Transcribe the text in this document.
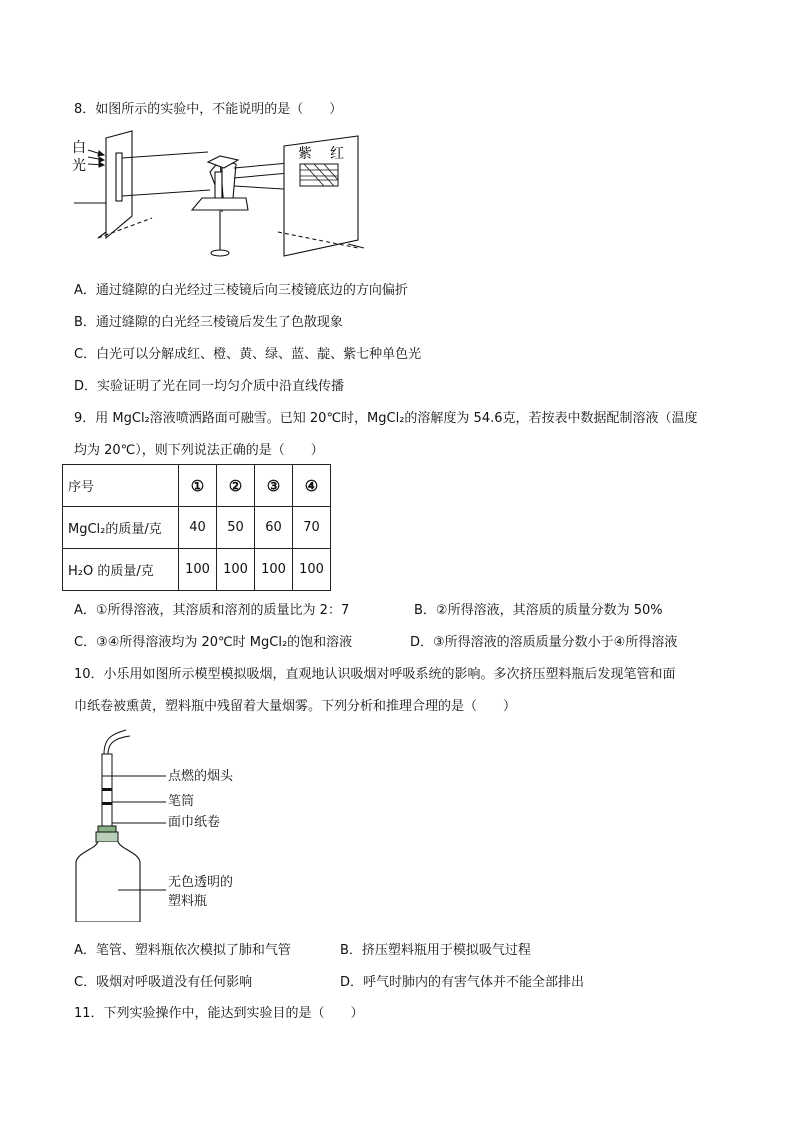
8．如图所示的实验中，不能说明的是（　　）
白
光
紫 红
A．通过缝隙的白光经过三棱镜后向三棱镜底边的方向偏折
B．通过缝隙的白光经三棱镜后发生了色散现象
C．白光可以分解成红、橙、黄、绿、蓝、靛、紫七种单色光
D．实验证明了光在同一均匀介质中沿直线传播
9．用 MgCl₂溶液喷洒路面可融雪。已知 20℃时，MgCl₂的溶解度为 54.6克，若按表中数据配制溶液（温度
均为 20℃），则下列说法正确的是（　　）
序号	①	②	③	④
MgCl₂的质量/克	40	50	60	70
H₂O 的质量/克	100	100	100	100
A．①所得溶液，其溶质和溶剂的质量比为 2：7	B．②所得溶液，其溶质的质量分数为 50%
C．③④所得溶液均为 20℃时 MgCl₂的饱和溶液	D．③所得溶液的溶质质量分数小于④所得溶液
10．小乐用如图所示模型模拟吸烟，直观地认识吸烟对呼吸系统的影响。多次挤压塑料瓶后发现笔管和面
巾纸卷被熏黄，塑料瓶中残留着大量烟雾。下列分析和推理合理的是（　　）
点燃的烟头
笔筒
面巾纸卷
无色透明的
塑料瓶
A．笔管、塑料瓶依次模拟了肺和气管	B．挤压塑料瓶用于模拟吸气过程
C．吸烟对呼吸道没有任何影响	D．呼气时肺内的有害气体并不能全部排出
11．下列实验操作中，能达到实验目的是（　　）
